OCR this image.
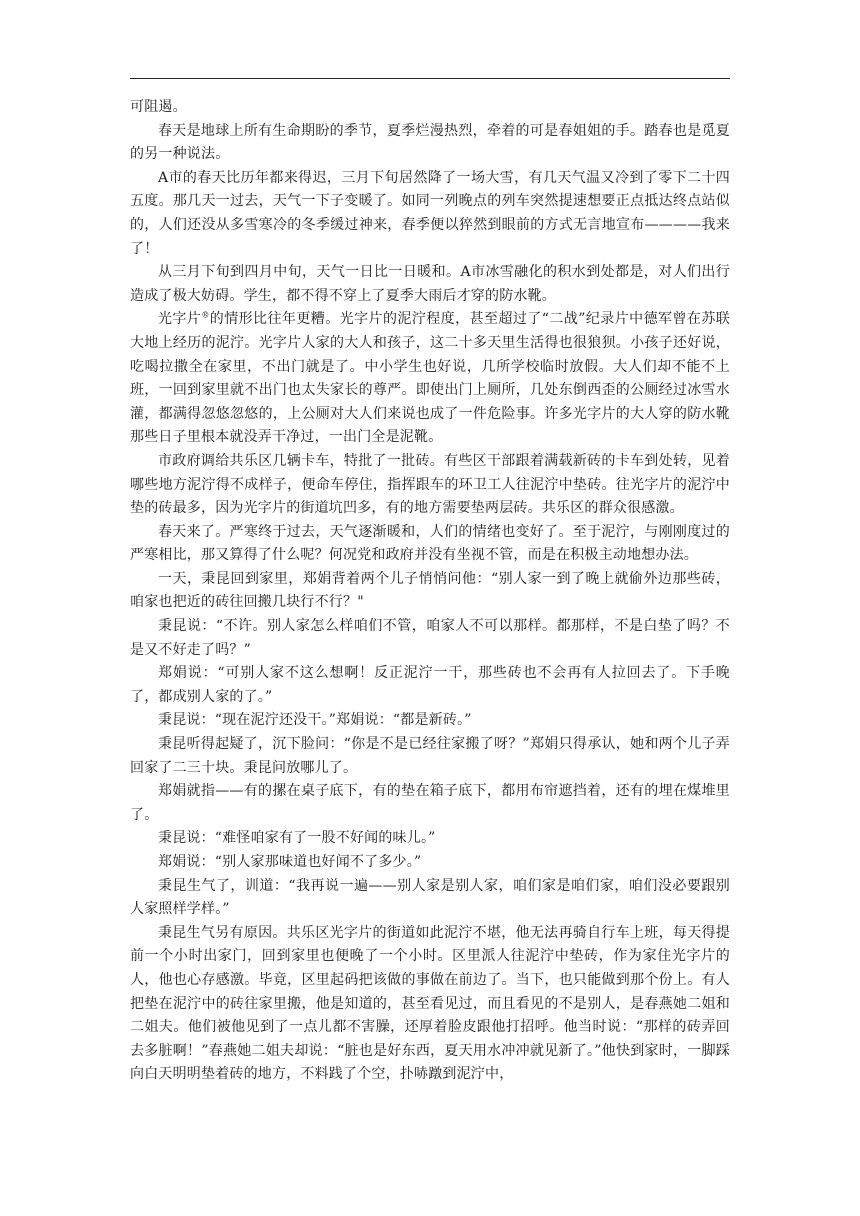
可阻遏。

春天是地球上所有生命期盼的季节，夏季烂漫热烈，牵着的可是春姐姐的手。踏春也是觅夏的另一种说法。

A市的春天比历年都来得迟，三月下旬居然降了一场大雪，有几天气温又冷到了零下二十四五度。那几天一过去，天气一下子变暖了。如同一列晚点的列车突然提速想要正点抵达终点站似的，人们还没从多雪寒冷的冬季缓过神来，春季便以猝然到眼前的方式无言地宣布————我来了！

从三月下旬到四月中旬，天气一日比一日暖和。A市冰雪融化的积水到处都是，对人们出行造成了极大妨碍。学生，都不得不穿上了夏季大雨后才穿的防水靴。

光字片®的情形比往年更糟。光字片的泥泞程度，甚至超过了“二战”纪录片中德军曾在苏联大地上经历的泥泞。光字片人家的大人和孩子，这二十多天里生活得也很狼狈。小孩子还好说，吃喝拉撒全在家里，不出门就是了。中小学生也好说，几所学校临时放假。大人们却不能不上班，一回到家里就不出门也太失家长的尊严。即使出门上厕所，几处东倒西歪的公厕经过冰雪水灌，都满得忽悠忽悠的，上公厕对大人们来说也成了一件危险事。许多光字片的大人穿的防水靴那些日子里根本就没弄干净过，一出门全是泥靴。

市政府调给共乐区几辆卡车，特批了一批砖。有些区干部跟着满载新砖的卡车到处转，见着哪些地方泥泞得不成样子，便命车停住，指挥跟车的环卫工人往泥泞中垫砖。往光字片的泥泞中垫的砖最多，因为光字片的街道坑凹多，有的地方需要垫两层砖。共乐区的群众很感激。

春天来了。严寒终于过去，天气逐渐暖和，人们的情绪也变好了。至于泥泞，与刚刚度过的严寒相比，那又算得了什么呢？何况党和政府并没有坐视不管，而是在积极主动地想办法。

一天，秉昆回到家里，郑娟背着两个儿子悄悄问他：“别人家一到了晚上就偷外边那些砖，咱家也把近的砖往回搬几块行不行？"

秉昆说：“不许。别人家怎么样咱们不管，咱家人不可以那样。都那样，不是白垫了吗？不是又不好走了吗？”

郑娟说：“可别人家不这么想啊！反正泥泞一干，那些砖也不会再有人拉回去了。下手晚了，都成别人家的了。”

秉昆说：“现在泥泞还没干。”郑娟说：“都是新砖。”

秉昆听得起疑了，沉下脸问：“你是不是已经往家搬了呀？”郑娟只得承认，她和两个儿子弄回家了二三十块。秉昆问放哪儿了。

郑娟就指——有的摞在桌子底下，有的垫在箱子底下，都用布帘遮挡着，还有的埋在煤堆里了。

秉昆说：“难怪咱家有了一股不好闻的味儿。”

郑娟说：“别人家那味道也好闻不了多少。”

秉昆生气了，训道：“我再说一遍——别人家是别人家，咱们家是咱们家，咱们没必要跟别人家照样学样。”

秉昆生气另有原因。共乐区光字片的街道如此泥泞不堪，他无法再骑自行车上班，每天得提前一个小时出家门，回到家里也便晚了一个小时。区里派人往泥泞中垫砖，作为家住光字片的人，他也心存感激。毕竟，区里起码把该做的事做在前边了。当下，也只能做到那个份上。有人把垫在泥泞中的砖往家里搬，他是知道的，甚至看见过，而且看见的不是别人，是春燕她二姐和二姐夫。他们被他见到了一点儿都不害臊，还厚着脸皮跟他打招呼。他当时说：“那样的砖弄回去多脏啊！”春燕她二姐夫却说：“脏也是好东西，夏天用水冲冲就见新了。”他快到家时，一脚踩向白天明明垫着砖的地方，不料践了个空，扑哧蹾到泥泞中，
